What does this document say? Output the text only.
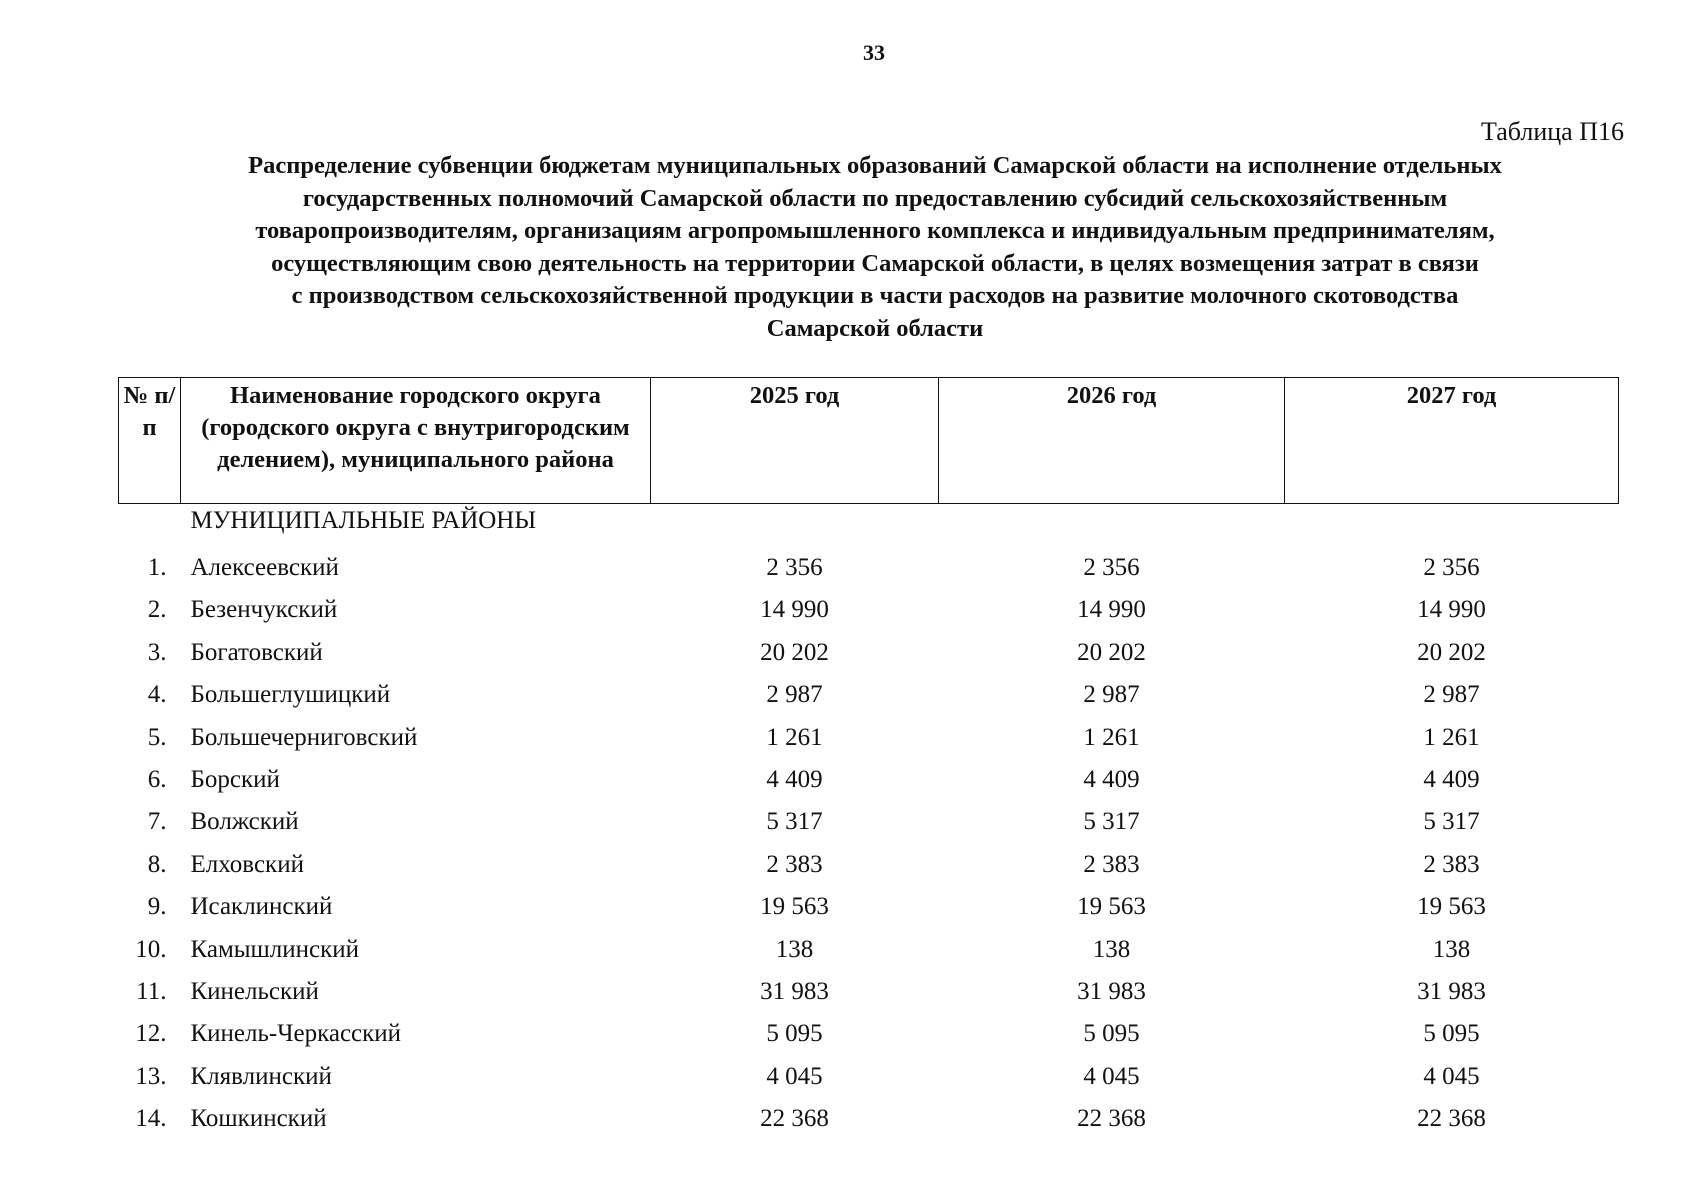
33
Таблица П16
Распределение субвенции бюджетам муниципальных образований Самарской области на исполнение отдельных
государственных полномочий Самарской области по предоставлению субсидий сельскохозяйственным
товаропроизводителям, организациям агропромышленного комплекса и индивидуальным предпринимателям,
осуществляющим свою деятельность на территории Самарской области, в целях возмещения затрат в связи
с производством сельскохозяйственной продукции в части расходов на развитие молочного скотоводства
Самарской области
№ п/п	Наименование городского округа (городского округа с внутригородским делением), муниципального района	2025 год	2026 год	2027 год
	МУНИЦИПАЛЬНЫЕ РАЙОНЫ			
1.	Алексеевский	2 356	2 356	2 356
2.	Безенчукский	14 990	14 990	14 990
3.	Богатовский	20 202	20 202	20 202
4.	Большеглушицкий	2 987	2 987	2 987
5.	Большечерниговский	1 261	1 261	1 261
6.	Борский	4 409	4 409	4 409
7.	Волжский	5 317	5 317	5 317
8.	Елховский	2 383	2 383	2 383
9.	Исаклинский	19 563	19 563	19 563
10.	Камышлинский	138	138	138
11.	Кинельский	31 983	31 983	31 983
12.	Кинель-Черкасский	5 095	5 095	5 095
13.	Клявлинский	4 045	4 045	4 045
14.	Кошкинский	22 368	22 368	22 368
